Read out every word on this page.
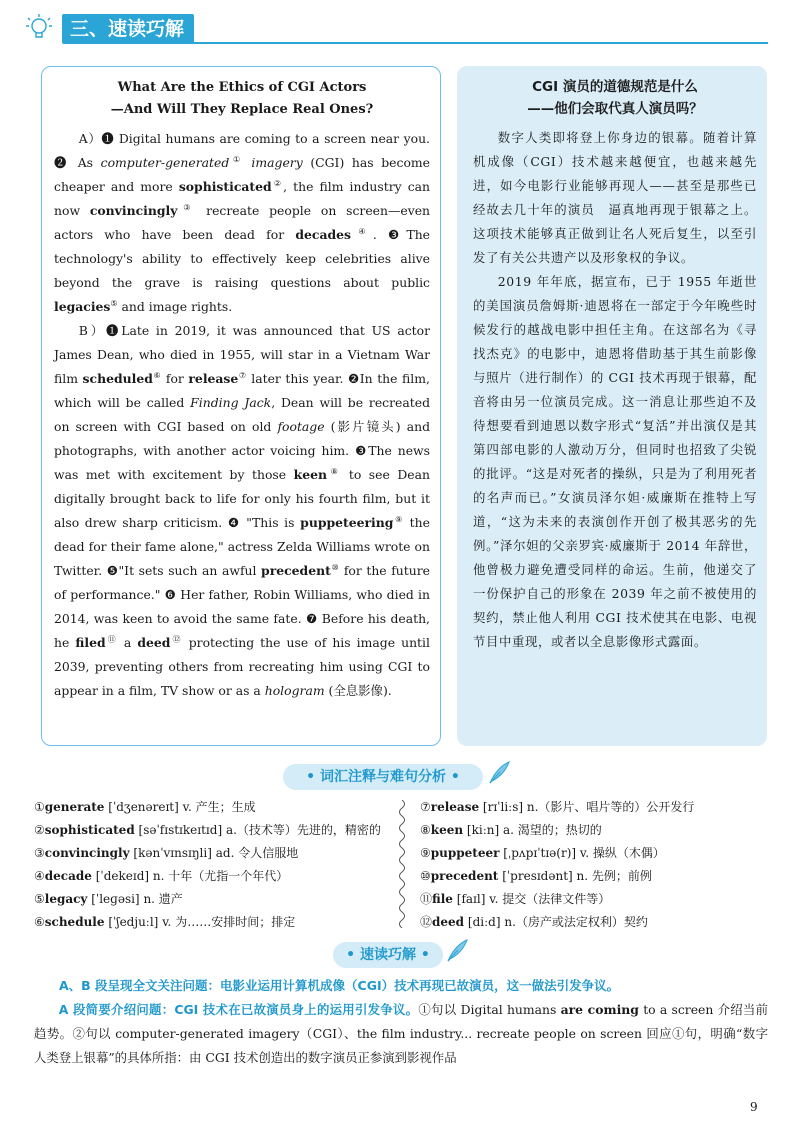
三、速读巧解
What Are the Ethics of CGI Actors
—And Will They Replace Real Ones?

A）❶ Digital humans are coming to a screen near you. ❷ As computer-generated① imagery (CGI) has become cheaper and more sophisticated②, the film industry can now convincingly③ recreate people on screen—even actors who have been dead for decades④. ❸The technology's ability to effectively keep celebrities alive beyond the grave is raising questions about public legacies⑤ and image rights.

B）❶Late in 2019, it was announced that US actor James Dean, who died in 1955, will star in a Vietnam War film scheduled⑥ for release⑦ later this year. ❷In the film, which will be called Finding Jack, Dean will be recreated on screen with CGI based on old footage (影片镜头) and photographs, with another actor voicing him. ❸The news was met with excitement by those keen⑧ to see Dean digitally brought back to life for only his fourth film, but it also drew sharp criticism. ❹ "This is puppeteering⑨ the dead for their fame alone," actress Zelda Williams wrote on Twitter. ❺"It sets such an awful precedent⑩ for the future of performance." ❻ Her father, Robin Williams, who died in 2014, was keen to avoid the same fate. ❼ Before his death, he filed⑪ a deed⑫ protecting the use of his image until 2039, preventing others from recreating him using CGI to appear in a film, TV show or as a hologram (全息影像).

CGI 演员的道德规范是什么
——他们会取代真人演员吗？

数字人类即将登上你身边的银幕。随着计算机成像（CGI）技术越来越便宜，也越来越先进，如今电影行业能够再现人——甚至是那些已经故去几十年的演员　逼真地再现于银幕之上。这项技术能够真正做到让名人死后复生，以至引发了有关公共遗产以及形象权的争议。

2019 年年底，据宣布，已于 1955 年逝世的美国演员詹姆斯·迪恩将在一部定于今年晚些时候发行的越战电影中担任主角。在这部名为《寻找杰克》的电影中，迪恩将借助基于其生前影像与照片（进行制作）的 CGI 技术再现于银幕，配音将由另一位演员完成。这一消息让那些迫不及待想要看到迪恩以数字形式“复活”并出演仅是其第四部电影的人激动万分，但同时也招致了尖锐的批评。“这是对死者的操纵，只是为了利用死者的名声而已。”女演员泽尔妲·威廉斯在推特上写道，“这为未来的表演创作开创了极其恶劣的先例。”泽尔妲的父亲罗宾·威廉斯于 2014 年辞世，他曾极力避免遭受同样的命运。生前，他递交了一份保护自己的形象在 2039 年之前不被使用的契约，禁止他人利用 CGI 技术使其在电影、电视节目中重现，或者以全息影像形式露面。

• 词汇注释与难句分析 •
①generate [ˈdʒenəreɪt] v. 产生；生成
②sophisticated [səˈfɪstɪkeɪtɪd] a.（技术等）先进的，精密的
③convincingly [kənˈvɪnsɪŋli] ad. 令人信服地
④decade [ˈdekeɪd] n. 十年（尤指一个年代）
⑤legacy [ˈleɡəsi] n. 遗产
⑥schedule [ˈʃedjuːl] v. 为……安排时间；排定
⑦release [rɪˈliːs] n.（影片、唱片等的）公开发行
⑧keen [kiːn] a. 渴望的；热切的
⑨puppeteer [ˌpʌpɪˈtɪə(r)] v. 操纵（木偶）
⑩precedent [ˈpresɪdənt] n. 先例；前例
⑪file [faɪl] v. 提交（法律文件等）
⑫deed [diːd] n.（房产或法定权利）契约
• 速读巧解 •
A、B 段呈现全文关注问题：电影业运用计算机成像（CGI）技术再现已故演员，这一做法引发争议。
A 段简要介绍问题：CGI 技术在已故演员身上的运用引发争议。①句以 Digital humans are coming to a screen 介绍当前趋势。②句以 computer-generated imagery（CGI）、the film industry... recreate people on screen 回应①句，明确“数字人类登上银幕”的具体所指：由 CGI 技术创造出的数字演员正参演到影视作品
9
